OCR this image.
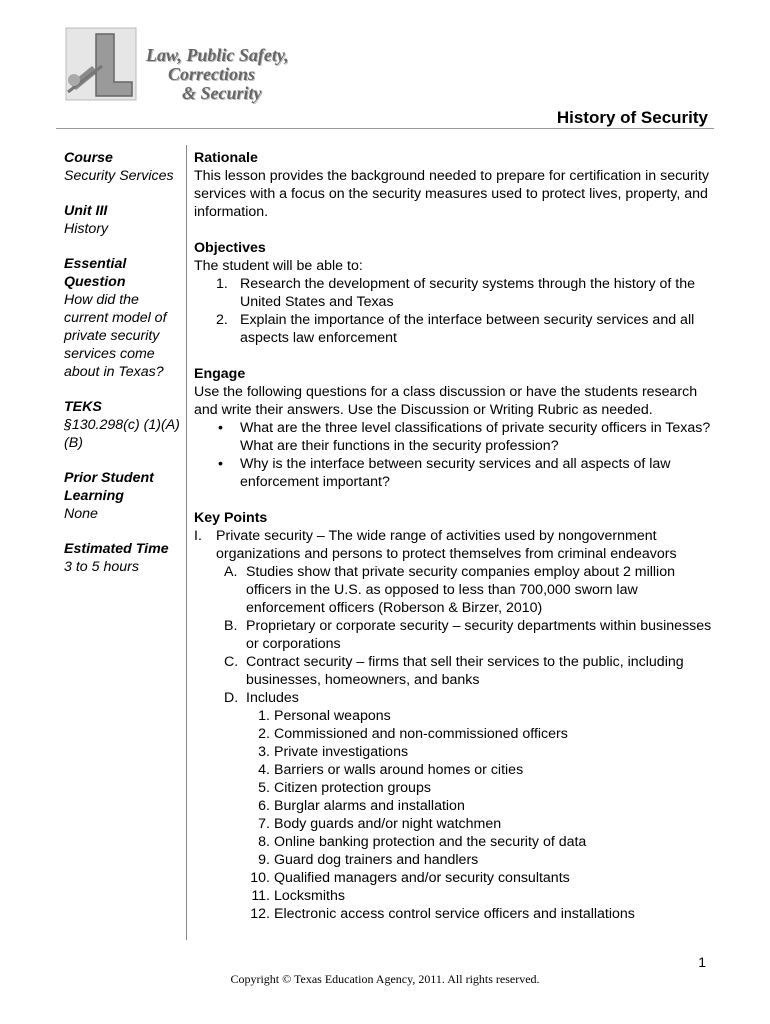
Law, Public Safety,
Corrections
& Security
History of Security
Course
Security Services
Unit III
History
Essential Question
How did the current model of private security services come about in Texas?
TEKS
§130.298(c) (1)(A)(B)
Prior Student Learning
None
Estimated Time
3 to 5 hours
Rationale

This lesson provides the background needed to prepare for certification in security services with a focus on the security measures used to protect lives, property, and information.

Objectives

The student will be able to:

1. Research the development of security systems through the history of the United States and Texas
2. Explain the importance of the interface between security services and all aspects law enforcement
Engage

Use the following questions for a class discussion or have the students research and write their answers. Use the Discussion or Writing Rubric as needed.

• What are the three level classifications of private security officers in Texas? What are their functions in the security profession?
• Why is the interface between security services and all aspects of law enforcement important?
Key Points
I. Private security – The wide range of activities used by nongovernment organizations and persons to protect themselves from criminal endeavors
A. Studies show that private security companies employ about 2 million officers in the U.S. as opposed to less than 700,000 sworn law enforcement officers (Roberson & Birzer, 2010)
B. Proprietary or corporate security – security departments within businesses or corporations
C. Contract security – firms that sell their services to the public, including businesses, homeowners, and banks
D. Includes
1. Personal weapons
2. Commissioned and non-commissioned officers
3. Private investigations
4. Barriers or walls around homes or cities
5. Citizen protection groups
6. Burglar alarms and installation
7. Body guards and/or night watchmen
8. Online banking protection and the security of data
9. Guard dog trainers and handlers
10. Qualified managers and/or security consultants
11. Locksmiths
12. Electronic access control service officers and installations
1
Copyright © Texas Education Agency, 2011. All rights reserved.
